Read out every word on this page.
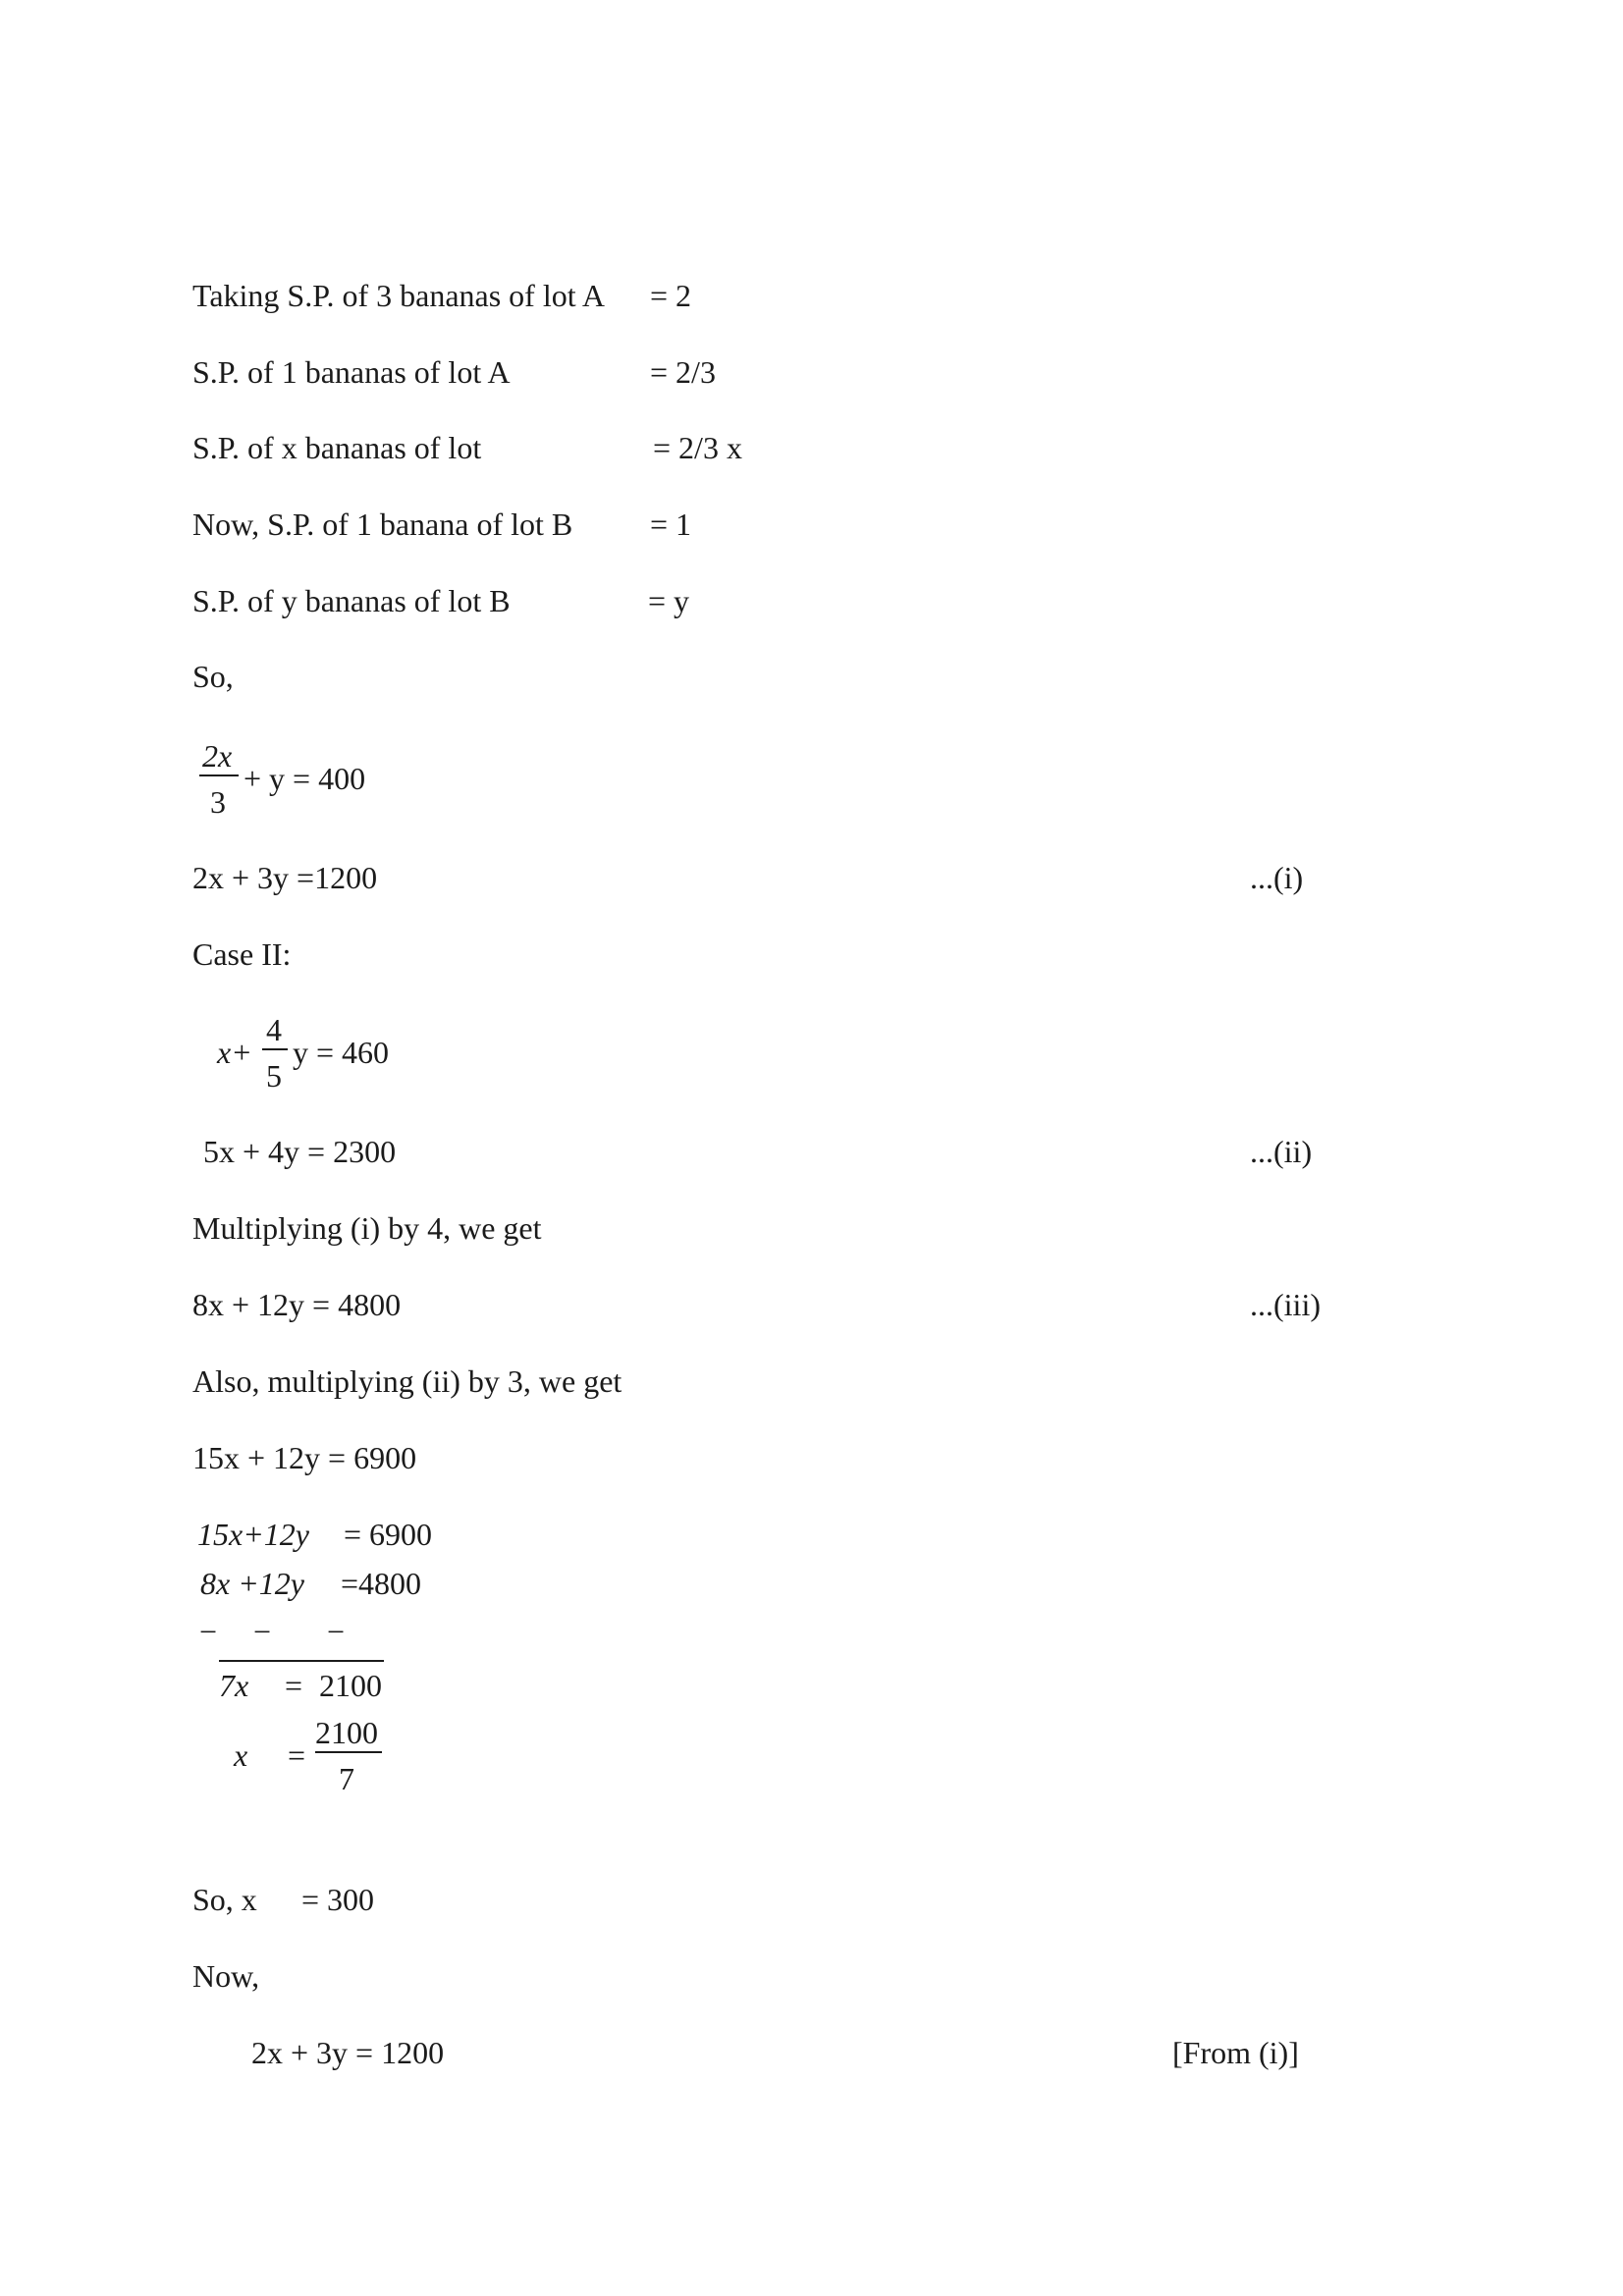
Taking S.P. of 3 bananas of lot A = 2
S.P. of 1 bananas of lot A	= 2/3
S.P. of x bananas of lot	= 2/3 x
Now, S.P. of 1 banana of lot B = 1
S.P. of y bananas of lot B	= y
So,
2x
3
+ y = 400
2x + 3y =1200	...(i)
Case II:
x+
4
5
y = 460
5x + 4y = 2300	...(ii)
Multiplying (i) by 4, we get
8x + 12y = 4800	...(iii)
Also, multiplying (ii) by 3, we get
15x + 12y = 6900
15x+12y = 6900
8x +12y =4800
− − −
7x = 2100
x =
2100
7
So, x = 300
Now,
2x + 3y = 1200	[From (i)]
